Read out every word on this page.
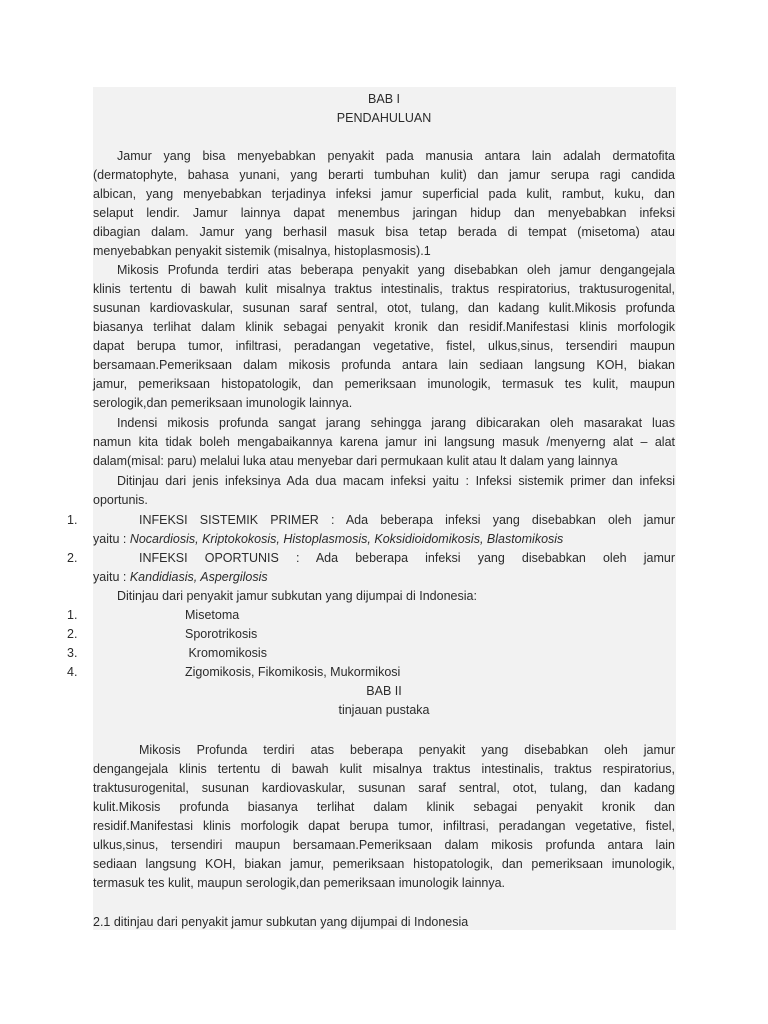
BAB I
PENDAHULUAN
Jamur yang bisa menyebabkan penyakit pada manusia antara lain adalah dermatofita
(dermatophyte, bahasa yunani, yang berarti tumbuhan kulit) dan jamur serupa ragi candida
albican, yang menyebabkan terjadinya infeksi jamur superficial pada kulit, rambut, kuku, dan
selaput lendir. Jamur lainnya dapat menembus jaringan hidup dan menyebabkan infeksi
dibagian dalam. Jamur yang berhasil masuk bisa tetap berada di tempat (misetoma) atau
menyebabkan penyakit sistemik (misalnya, histoplasmosis).1
Mikosis Profunda terdiri atas beberapa penyakit yang disebabkan oleh jamur dengangejala
klinis tertentu di bawah kulit misalnya traktus intestinalis, traktus respiratorius, traktusurogenital,
susunan kardiovaskular, susunan saraf sentral, otot, tulang, dan kadang kulit.Mikosis profunda
biasanya terlihat dalam klinik sebagai penyakit kronik dan residif.Manifestasi klinis morfologik
dapat berupa tumor, infiltrasi, peradangan vegetative, fistel, ulkus,sinus, tersendiri maupun
bersamaan.Pemeriksaan dalam mikosis profunda antara lain sediaan langsung KOH, biakan
jamur, pemeriksaan histopatologik, dan pemeriksaan imunologik, termasuk tes kulit, maupun
serologik,dan pemeriksaan imunologik lainnya.
Indensi mikosis profunda sangat jarang sehingga jarang dibicarakan oleh masarakat luas
namun kita tidak boleh mengabaikannya karena jamur ini langsung masuk /menyerng alat – alat
dalam(misal: paru) melalui luka atau menyebar dari permukaan kulit atau lt dalam yang lainnya
Ditinjau dari jenis infeksinya Ada dua macam infeksi yaitu : Infeksi sistemik primer dan infeksi
oportunis.
1.	INFEKSI SISTEMIK PRIMER : Ada beberapa infeksi yang disebabkan oleh jamur
yaitu : Nocardiosis, Kriptokokosis, Histoplasmosis, Koksidioidomikosis, Blastomikosis
2.	INFEKSI OPORTUNIS : Ada beberapa infeksi yang disebabkan oleh jamur
yaitu : Kandidiasis, Aspergilosis
Ditinjau dari penyakit jamur subkutan yang dijumpai di Indonesia:
1.	Misetoma
2.	Sporotrikosis
3.	Kromomikosis
4.	Zigomikosis, Fikomikosis, Mukormikosi
BAB II
tinjauan pustaka
Mikosis Profunda terdiri atas beberapa penyakit yang disebabkan oleh jamur
dengangejala klinis tertentu di bawah kulit misalnya traktus intestinalis, traktus respiratorius,
traktusurogenital, susunan kardiovaskular, susunan saraf sentral, otot, tulang, dan kadang
kulit.Mikosis profunda biasanya terlihat dalam klinik sebagai penyakit kronik dan
residif.Manifestasi klinis morfologik dapat berupa tumor, infiltrasi, peradangan vegetative, fistel,
ulkus,sinus, tersendiri maupun bersamaan.Pemeriksaan dalam mikosis profunda antara lain
sediaan langsung KOH, biakan jamur, pemeriksaan histopatologik, dan pemeriksaan imunologik,
termasuk tes kulit, maupun serologik,dan pemeriksaan imunologik lainnya.
2.1 ditinjau dari penyakit jamur subkutan yang dijumpai di Indonesia
